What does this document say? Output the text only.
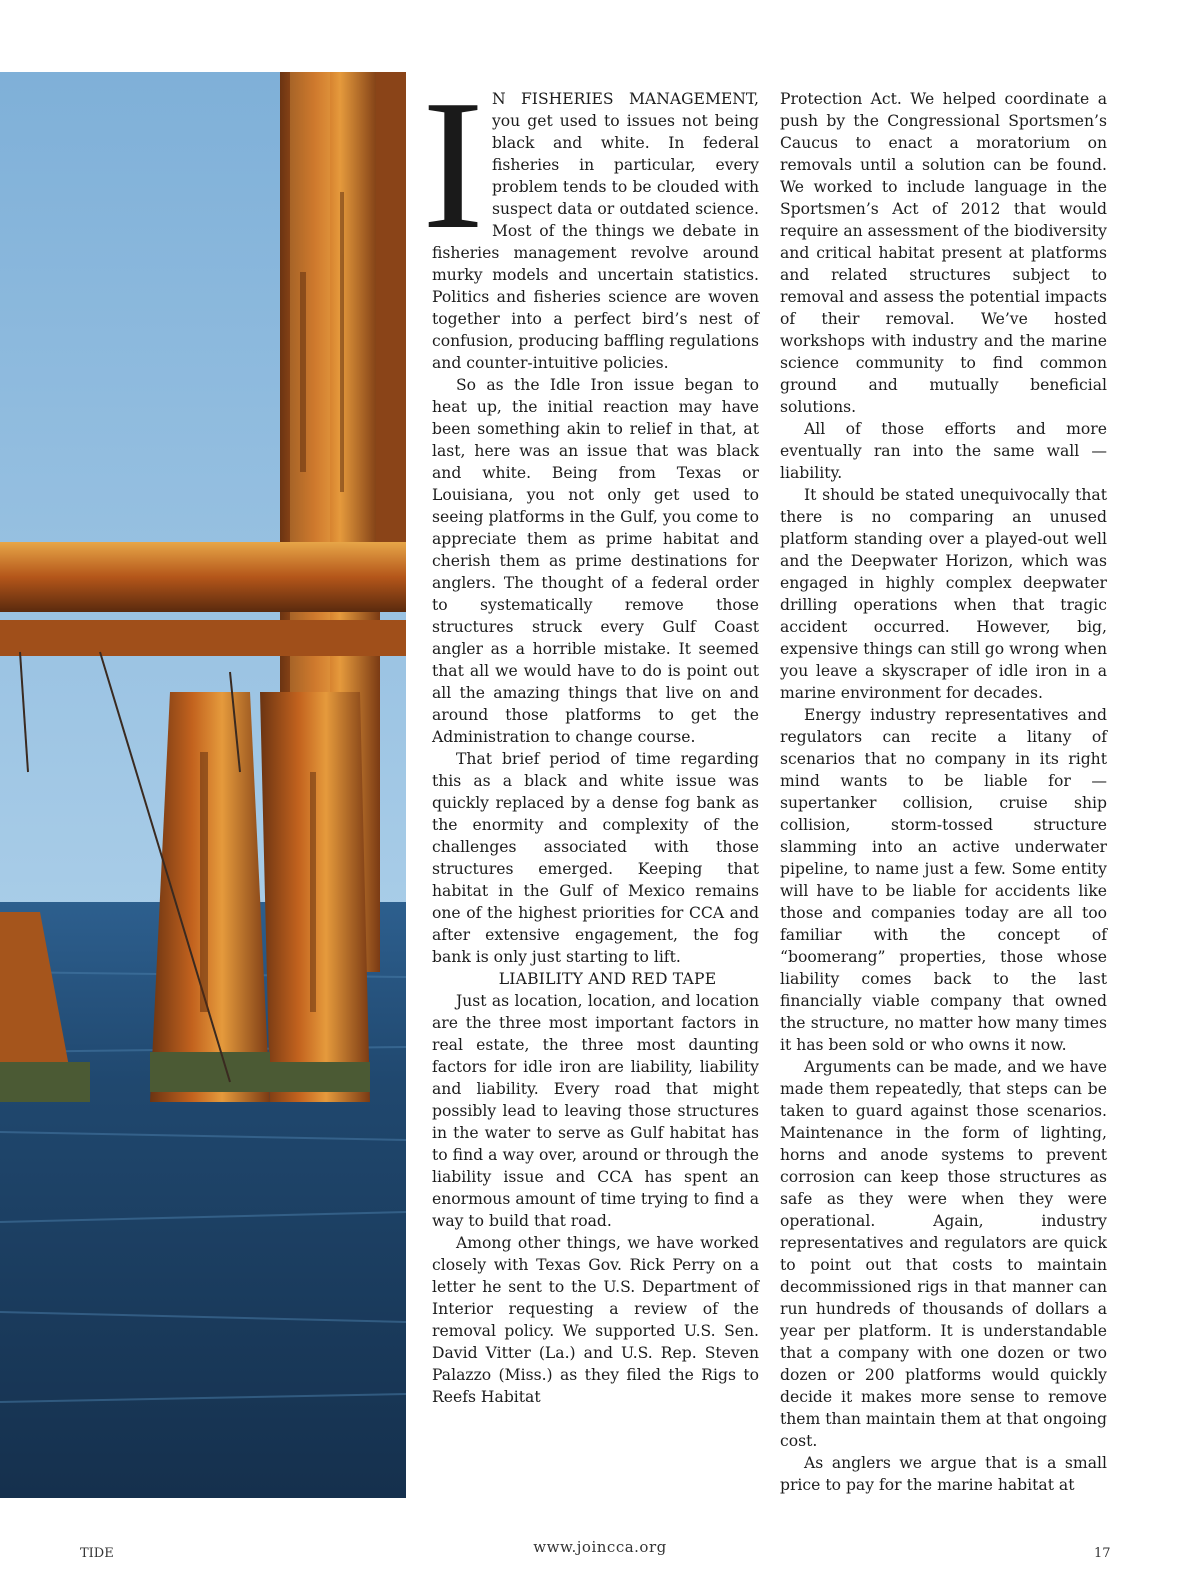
I N FISHERIES MANAGEMENT, you get used to issues not being black and white. In federal fisheries in particular, every problem tends to be clouded with suspect data or outdated science. Most of the things we debate in fisheries management revolve around murky models and uncertain statistics. Politics and fisheries science are woven together into a perfect bird’s nest of confusion, producing baffling regulations and counter-intuitive policies.

So as the Idle Iron issue began to heat up, the initial reaction may have been something akin to relief in that, at last, here was an issue that was black and white. Being from Texas or Louisiana, you not only get used to seeing platforms in the Gulf, you come to appreciate them as prime habitat and cherish them as prime destinations for anglers. The thought of a federal order to systematically remove those structures struck every Gulf Coast angler as a horrible mistake. It seemed that all we would have to do is point out all the amazing things that live on and around those platforms to get the Administration to change course.

That brief period of time regarding this as a black and white issue was quickly replaced by a dense fog bank as the enormity and complexity of the challenges associated with those structures emerged. Keeping that habitat in the Gulf of Mexico remains one of the highest priorities for CCA and after extensive engagement, the fog bank is only just starting to lift.

LIABILITY AND RED TAPE

Just as location, location, and location are the three most important factors in real estate, the three most daunting factors for idle iron are liability, liability and liability. Every road that might possibly lead to leaving those structures in the water to serve as Gulf habitat has to find a way over, around or through the liability issue and CCA has spent an enormous amount of time trying to find a way to build that road.

Among other things, we have worked closely with Texas Gov. Rick Perry on a letter he sent to the U.S. Department of Interior requesting a review of the removal policy. We supported U.S. Sen. David Vitter (La.) and U.S. Rep. Steven Palazzo (Miss.) as they filed the Rigs to Reefs Habitat

Protection Act. We helped coordinate a push by the Congressional Sportsmen’s Caucus to enact a moratorium on removals until a solution can be found. We worked to include language in the Sportsmen’s Act of 2012 that would require an assessment of the biodiversity and critical habitat present at platforms and related structures subject to removal and assess the potential impacts of their removal. We’ve hosted workshops with industry and the marine science community to find common ground and mutually beneficial solutions.

All of those efforts and more eventually ran into the same wall — liability.

It should be stated unequivocally that there is no comparing an unused platform standing over a played-out well and the Deepwater Horizon, which was engaged in highly complex deepwater drilling operations when that tragic accident occurred. However, big, expensive things can still go wrong when you leave a skyscraper of idle iron in a marine environment for decades.

Energy industry representatives and regulators can recite a litany of scenarios that no company in its right mind wants to be liable for — supertanker collision, cruise ship collision, storm-tossed structure slamming into an active underwater pipeline, to name just a few. Some entity will have to be liable for accidents like those and companies today are all too familiar with the concept of “boomerang” properties, those whose liability comes back to the last financially viable company that owned the structure, no matter how many times it has been sold or who owns it now.

Arguments can be made, and we have made them repeatedly, that steps can be taken to guard against those scenarios. Maintenance in the form of lighting, horns and anode systems to prevent corrosion can keep those structures as safe as they were when they were operational. Again, industry representatives and regulators are quick to point out that costs to maintain decommissioned rigs in that manner can run hundreds of thousands of dollars a year per platform. It is understandable that a company with one dozen or two dozen or 200 platforms would quickly decide it makes more sense to remove them than maintain them at that ongoing cost.

As anglers we argue that is a small price to pay for the marine habitat at

TIDE	www.joincca.org	17
